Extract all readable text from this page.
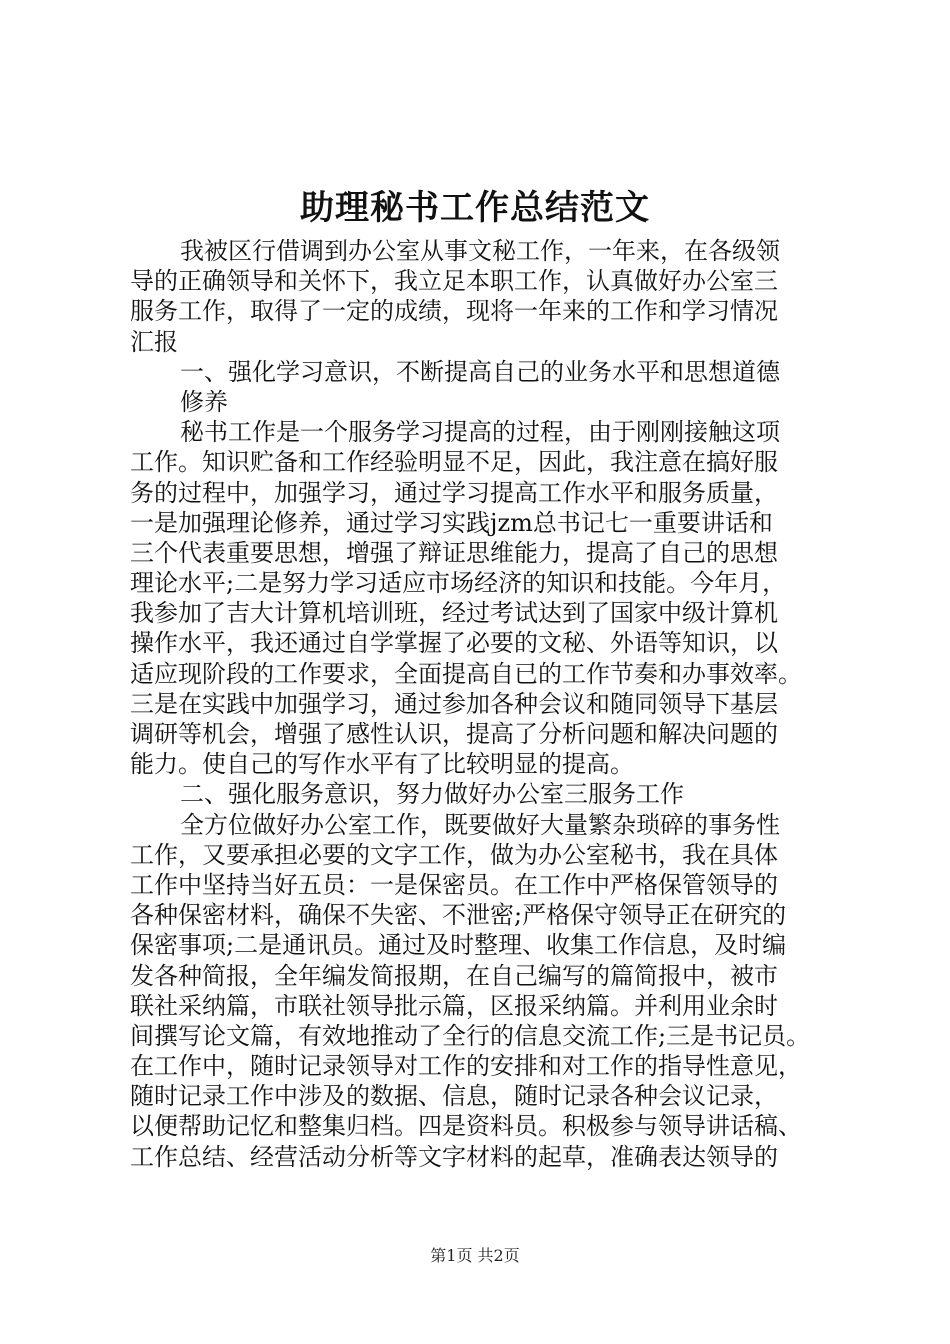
助理秘书工作总结范文
我被区行借调到办公室从事文秘工作，一年来，在各级领
导的正确领导和关怀下，我立足本职工作，认真做好办公室三
服务工作，取得了一定的成绩，现将一年来的工作和学习情况
汇报
一、强化学习意识，不断提高自己的业务水平和思想道德
修养
秘书工作是一个服务学习提高的过程，由于刚刚接触这项
工作。知识贮备和工作经验明显不足，因此，我注意在搞好服
务的过程中，加强学习，通过学习提高工作水平和服务质量，
一是加强理论修养，通过学习实践jzm总书记七一重要讲话和
三个代表重要思想，增强了辩证思维能力，提高了自己的思想
理论水平;二是努力学习适应市场经济的知识和技能。今年月，
我参加了吉大计算机培训班，经过考试达到了国家中级计算机
操作水平，我还通过自学掌握了必要的文秘、外语等知识，以
适应现阶段的工作要求，全面提高自已的工作节奏和办事效率。
三是在实践中加强学习，通过参加各种会议和随同领导下基层
调研等机会，增强了感性认识，提高了分析问题和解决问题的
能力。使自己的写作水平有了比较明显的提高。
二、强化服务意识，努力做好办公室三服务工作
全方位做好办公室工作，既要做好大量繁杂琐碎的事务性
工作，又要承担必要的文字工作，做为办公室秘书，我在具体
工作中坚持当好五员：一是保密员。在工作中严格保管领导的
各种保密材料，确保不失密、不泄密;严格保守领导正在研究的
保密事项;二是通讯员。通过及时整理、收集工作信息，及时编
发各种简报，全年编发简报期，在自己编写的篇简报中，被市
联社采纳篇，市联社领导批示篇，区报采纳篇。并利用业余时
间撰写论文篇，有效地推动了全行的信息交流工作;三是书记员。
在工作中，随时记录领导对工作的安排和对工作的指导性意见，
随时记录工作中涉及的数据、信息，随时记录各种会议记录，
以便帮助记忆和整集归档。四是资料员。积极参与领导讲话稿、
工作总结、经营活动分析等文字材料的起草，准确表达领导的
第1页 共2页
